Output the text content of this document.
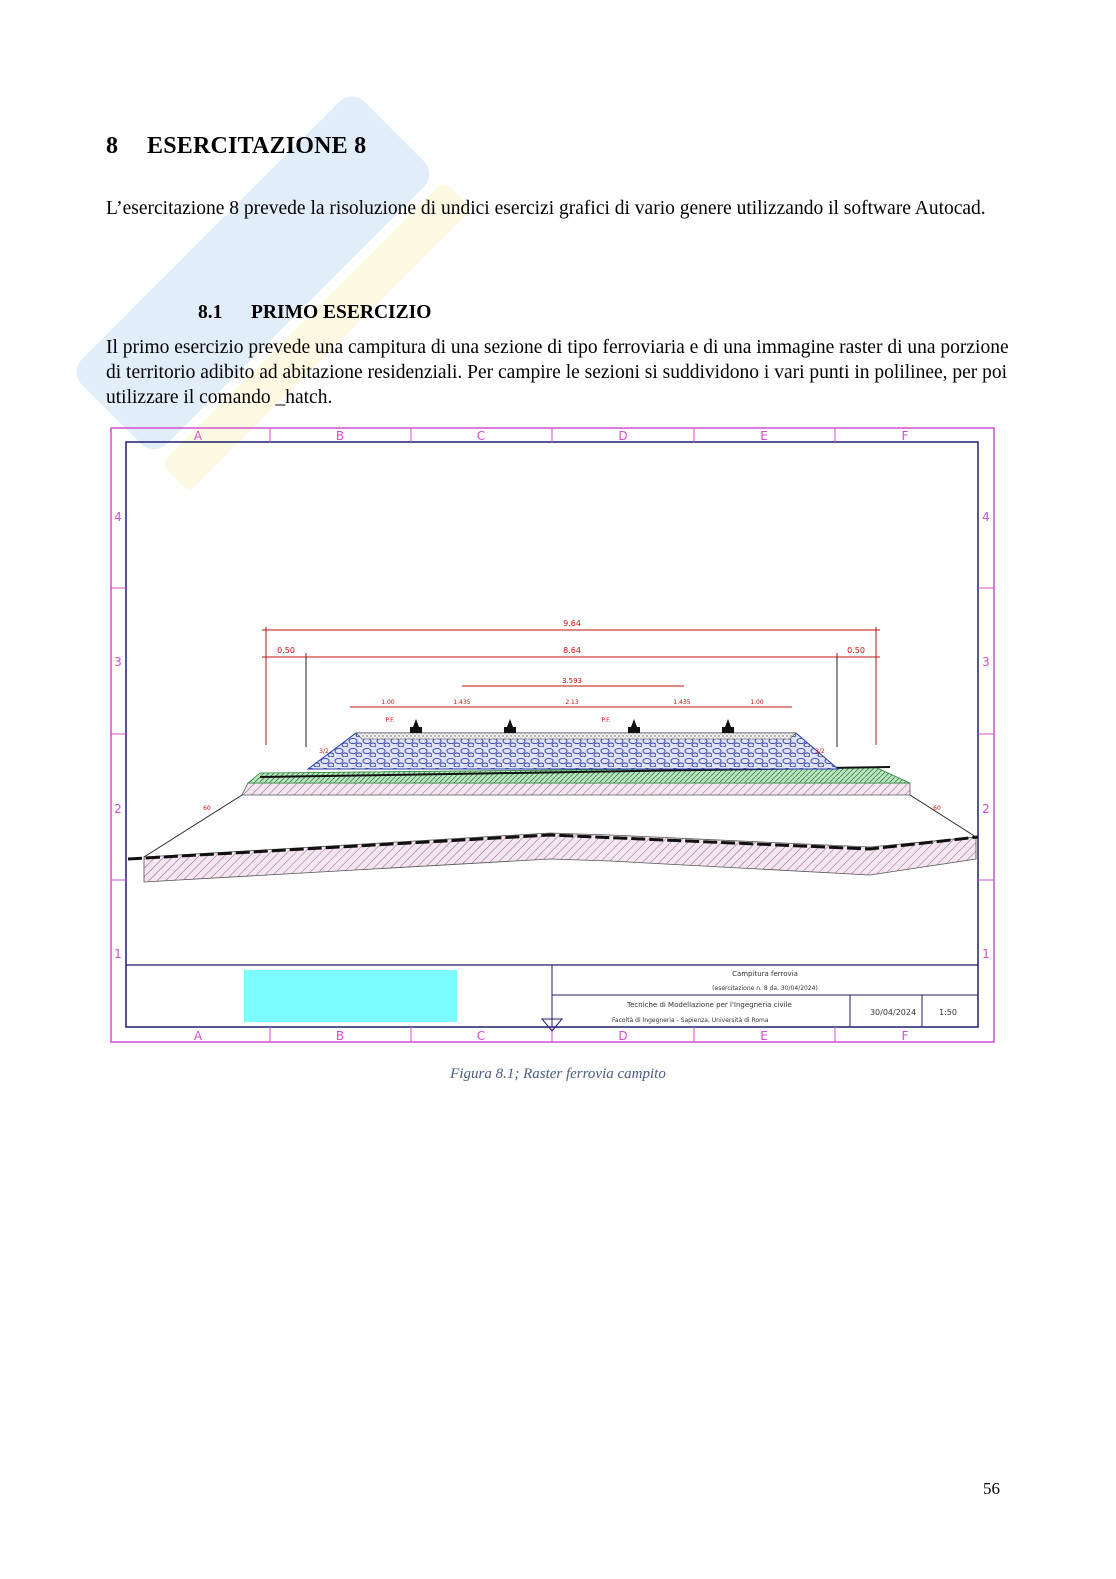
8 ESERCITAZIONE 8
L’esercitazione 8 prevede la risoluzione di undici esercizi grafici di vario genere utilizzando il software Autocad.
8.1 PRIMO ESERCIZIO
Il primo esercizio prevede una campitura di una sezione di tipo ferroviaria e di una immagine raster di una porzione di territorio adibito ad abitazione residenziali. Per campire le sezioni si suddividono i vari punti in polilinee, per poi utilizzare il comando _hatch.
A	B	C	D	E	F
A	B	C	D	E	F
4
3
2
1
4
3
2
1
9.64
8.64
0.50	0.50
3.593
1.00	1.435	2.13	1.435	1.00
P.F.	P.F.
3/2	3/2
60	60
Campitura ferrovia
(esercitazione n. 8 da. 30/04/2024)
Tecniche di Modellazione per l'Ingegneria civile
Facoltà di Ingegneria - Sapienza, Università di Roma
30/04/2024	1:50
Figura 8.1; Raster ferrovia campito
56
